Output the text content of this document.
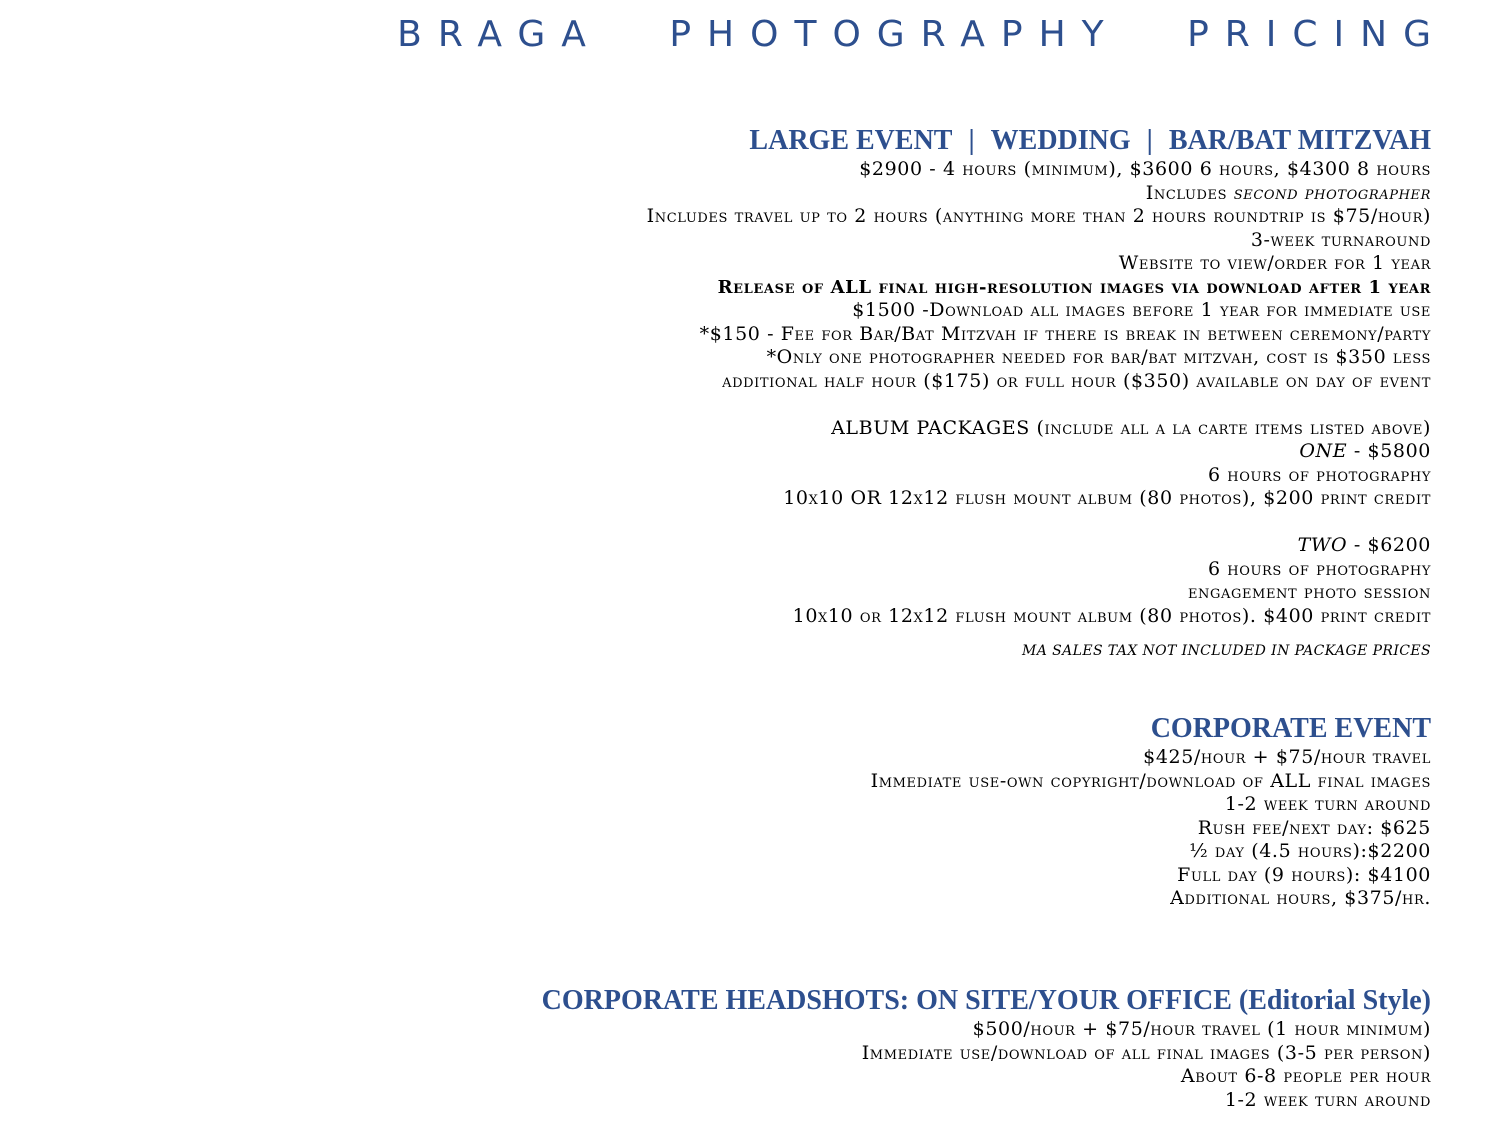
BRAGA PHOTOGRAPHY PRICING
LARGE EVENT | WEDDING | BAR/BAT MITZVAH

$2900 - 4 hours (minimum), $3600 6 hours, $4300 8 hours

Includes second photographer

Includes travel up to 2 hours (anything more than 2 hours roundtrip is $75/hour)

3-week turnaround

Website to view/order for 1 year

Release of ALL final high-resolution images via download after 1 year

$1500 -Download all images before 1 year for immediate use

*$150 - Fee for Bar/Bat Mitzvah if there is break in between ceremony/party

*Only one photographer needed for bar/bat mitzvah, cost is $350 less

additional half hour ($175) or full hour ($350) available on day of event

ALBUM PACKAGES (include all a la carte items listed above)

ONE - $5800

6 hours of photography

10x10 OR 12x12 flush mount album (80 photos), $200 print credit

TWO - $6200

6 hours of photography

engagement photo session

10x10 or 12x12 flush mount album (80 photos). $400 print credit

MA SALES TAX NOT INCLUDED IN PACKAGE PRICES

CORPORATE EVENT

$425/hour + $75/hour travel

Immediate use-own copyright/download of ALL final images

1-2 week turn around

Rush fee/next day: $625

½ day (4.5 hours):$2200

Full day (9 hours): $4100

Additional hours, $375/hr.

CORPORATE HEADSHOTS: ON SITE/YOUR OFFICE (Editorial Style)

$500/hour + $75/hour travel (1 hour minimum)

Immediate use/download of all final images (3-5 per person)

About 6-8 people per hour

1-2 week turn around
